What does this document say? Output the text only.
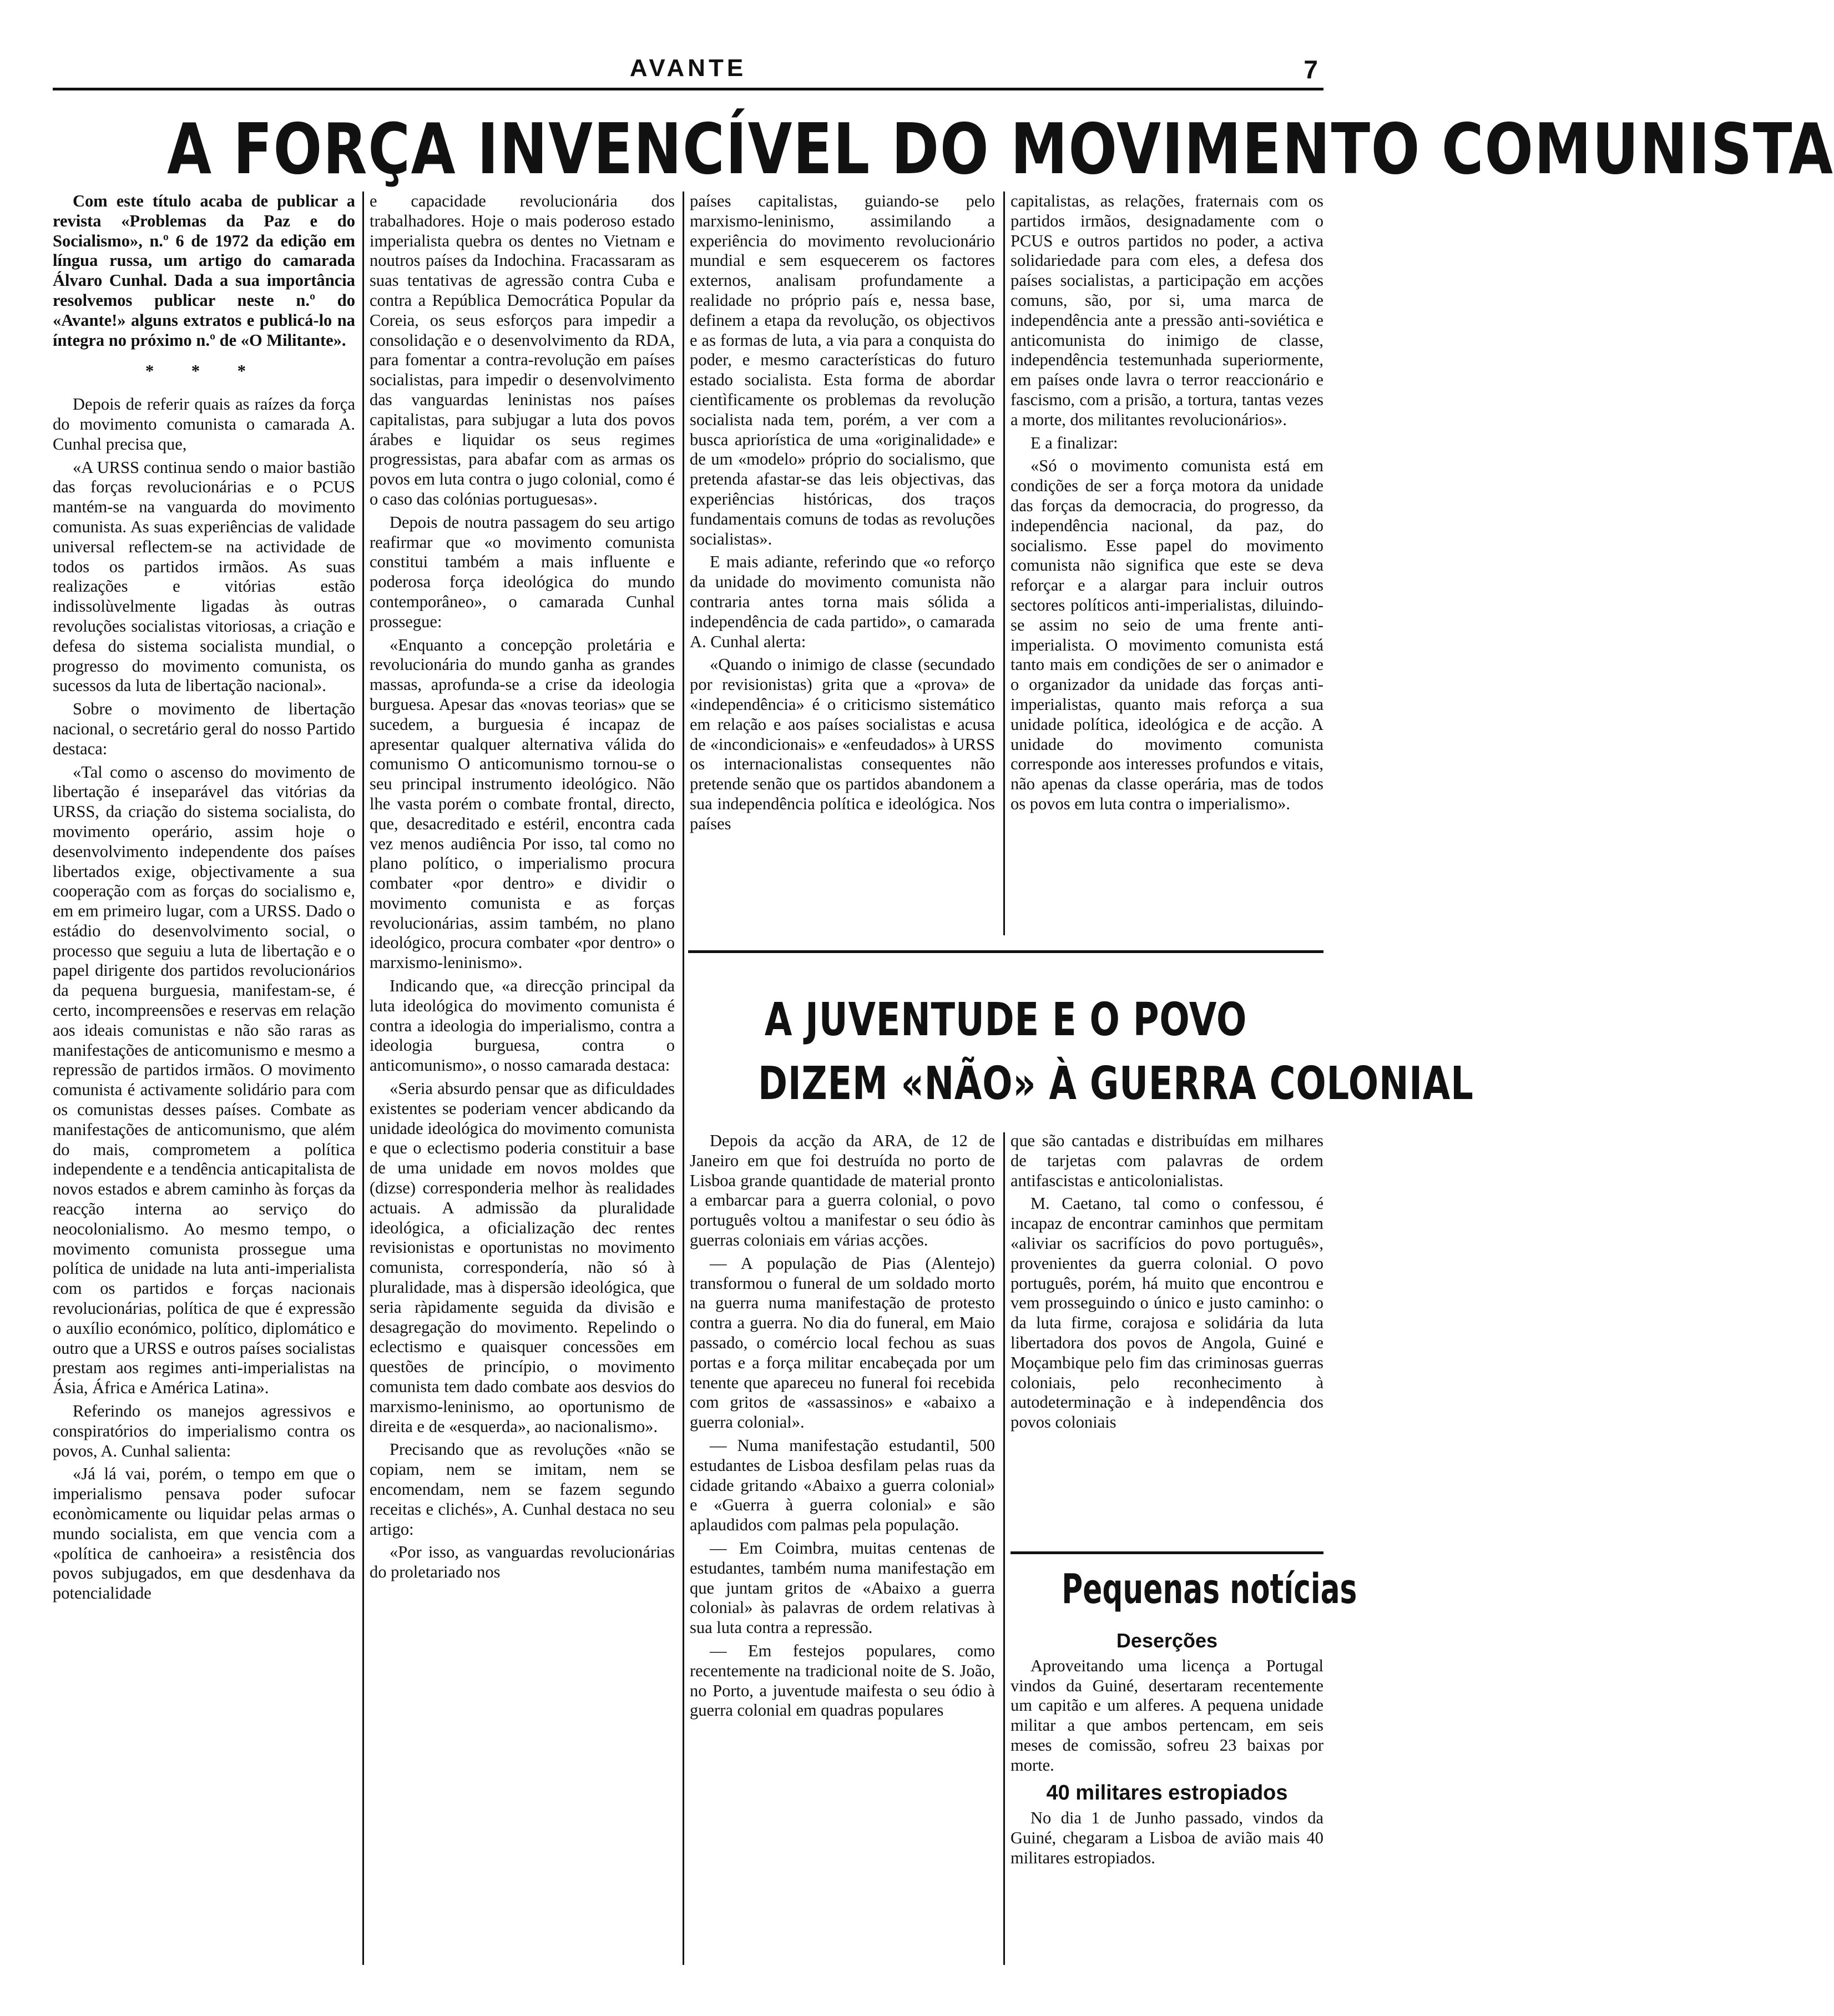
AVANTE	7
A FORÇA INVENCÍVEL DO MOVIMENTO COMUNISTA

Com este título acaba de publicar a revista «Problemas da Paz e do Socialismo», n.º 6 de 1972 da edição em língua russa, um artigo do camarada Álvaro Cunhal. Dada a sua importância resolvemos publicar neste n.º do «Avante!» alguns extratos e publicá-lo na íntegra no próximo n.º de «O Militante».

* * *

Depois de referir quais as raízes da força do movimento comunista o camarada A. Cunhal precisa que,

«A URSS continua sendo o maior bastião das forças revolucionárias e o PCUS mantém-se na vanguarda do movimento comunista. As suas experiências de validade universal reflectem-se na actividade de todos os partidos irmãos. As suas realizações e vitórias estão indissolùvelmente ligadas às outras revoluções socialistas vitoriosas, a criação e defesa do sistema socialista mundial, o progresso do movimento comunista, os sucessos da luta de libertação nacional».

Sobre o movimento de libertação nacional, o secretário geral do nosso Partido destaca:

«Tal como o ascenso do movimento de libertação é inseparável das vitórias da URSS, da criação do sistema socialista, do movimento operário, assim hoje o desenvolvimento independente dos países libertados exige, objectivamente a sua cooperação com as forças do socialismo e, em em primeiro lugar, com a URSS. Dado o estádio do desenvolvimento social, o processo que seguiu a luta de libertação e o papel dirigente dos partidos revolucionários da pequena burguesia, manifestam-se, é certo, incompreensões e reservas em relação aos ideais comunistas e não são raras as manifestações de anticomunismo e mesmo a repressão de partidos irmãos. O movimento comunista é activamente solidário para com os comunistas desses países. Combate as manifestações de anticomunismo, que além do mais, comprometem a política independente e a tendência anticapitalista de novos estados e abrem caminho às forças da reacção interna ao serviço do neocolonialismo. Ao mesmo tempo, o movimento comunista prossegue uma política de unidade na luta anti-imperialista com os partidos e forças nacionais revolucionárias, política de que é expressão o auxílio económico, político, diplomático e outro que a URSS e outros países socialistas prestam aos regimes anti-imperialistas na Ásia, África e América Latina».

Referindo os manejos agressivos e conspiratórios do imperialismo contra os povos, A. Cunhal salienta:

«Já lá vai, porém, o tempo em que o imperialismo pensava poder sufocar econòmicamente ou liquidar pelas armas o mundo socialista, em que vencia com a «política de canhoeira» a resistência dos povos subjugados, em que desdenhava da potencialidade

e capacidade revolucionária dos trabalhadores. Hoje o mais poderoso estado imperialista quebra os dentes no Vietnam e noutros países da Indochina. Fracassaram as suas tentativas de agressão contra Cuba e contra a República Democrática Popular da Coreia, os seus esforços para impedir a consolidação e o desenvolvimento da RDA, para fomentar a contra-revolução em países socialistas, para impedir o desenvolvimento das vanguardas leninistas nos países capitalistas, para subjugar a luta dos povos árabes e liquidar os seus regimes progressistas, para abafar com as armas os povos em luta contra o jugo colonial, como é o caso das colónias portuguesas».

Depois de noutra passagem do seu artigo reafirmar que «o movimento comunista constitui também a mais influente e poderosa força ideológica do mundo contemporâneo», o camarada Cunhal prossegue:

«Enquanto a concepção proletária e revolucionária do mundo ganha as grandes massas, aprofunda-se a crise da ideologia burguesa. Apesar das «novas teorias» que se sucedem, a burguesia é incapaz de apresentar qualquer alternativa válida do comunismo O anticomunismo tornou-se o seu principal instrumento ideológico. Não lhe vasta porém o combate frontal, directo, que, desacreditado e estéril, encontra cada vez menos audiência Por isso, tal como no plano político, o imperialismo procura combater «por dentro» e dividir o movimento comunista e as forças revolucionárias, assim também, no plano ideológico, procura combater «por dentro» o marxismo-leninismo».

Indicando que, «a direcção principal da luta ideológica do movimento comunista é contra a ideologia do imperialismo, contra a ideologia burguesa, contra o anticomunismo», o nosso camarada destaca:

«Seria absurdo pensar que as dificuldades existentes se poderiam vencer abdicando da unidade ideológica do movimento comunista e que o eclectismo poderia constituir a base de uma unidade em novos moldes que (dizse) corresponderia melhor às realidades actuais. A admissão da pluralidade ideológica, a oficialização dec rentes revisionistas e oportunistas no movimento comunista, correspondería, não só à pluralidade, mas à dispersão ideológica, que seria ràpidamente seguida da divisão e desagregação do movimento. Repelindo o eclectismo e quaisquer concessões em questões de princípio, o movimento comunista tem dado combate aos desvios do marxismo-leninismo, ao oportunismo de direita e de «esquerda», ao nacionalismo».

Precisando que as revoluções «não se copiam, nem se imitam, nem se encomendam, nem se fazem segundo receitas e clichés», A. Cunhal destaca no seu artigo:

«Por isso, as vanguardas revolucionárias do proletariado nos

países capitalistas, guiando-se pelo marxismo-leninismo, assimilando a experiência do movimento revolucionário mundial e sem esquecerem os factores externos, analisam profundamente a realidade no próprio país e, nessa base, definem a etapa da revolução, os objectivos e as formas de luta, a via para a conquista do poder, e mesmo características do futuro estado socialista. Esta forma de abordar cientìficamente os problemas da revolução socialista nada tem, porém, a ver com a busca apriorística de uma «originalidade» e de um «modelo» próprio do socialismo, que pretenda afastar-se das leis objectivas, das experiências históricas, dos traços fundamentais comuns de todas as revoluções socialistas».

E mais adiante, referindo que «o reforço da unidade do movimento comunista não contraria antes torna mais sólida a independência de cada partido», o camarada A. Cunhal alerta:

«Quando o inimigo de classe (secundado por revisionistas) grita que a «prova» de «independência» é o criticismo sistemático em relação e aos países socialistas e acusa de «incondicionais» e «enfeudados» à URSS os internacionalistas consequentes não pretende senão que os partidos abandonem a sua independência política e ideológica. Nos países

capitalistas, as relações, fraternais com os partidos irmãos, designadamente com o PCUS e outros partidos no poder, a activa solidariedade para com eles, a defesa dos países socialistas, a participação em acções comuns, são, por si, uma marca de independência ante a pressão anti-soviética e anticomunista do inimigo de classe, independência testemunhada superiormente, em países onde lavra o terror reaccionário e fascismo, com a prisão, a tortura, tantas vezes a morte, dos militantes revolucionários».

E a finalizar:

«Só o movimento comunista está em condições de ser a força motora da unidade das forças da democracia, do progresso, da independência nacional, da paz, do socialismo. Esse papel do movimento comunista não significa que este se deva reforçar e a alargar para incluir outros sectores políticos anti-imperialistas, diluindo-se assim no seio de uma frente anti-imperialista. O movimento comunista está tanto mais em condições de ser o animador e o organizador da unidade das forças anti-imperialistas, quanto mais reforça a sua unidade política, ideológica e de acção. A unidade do movimento comunista corresponde aos interesses profundos e vitais, não apenas da classe operária, mas de todos os povos em luta contra o imperialismo».

A JUVENTUDE E O POVO
DIZEM «NÃO» À GUERRA COLONIAL

Depois da acção da ARA, de 12 de Janeiro em que foi destruída no porto de Lisboa grande quantidade de material pronto a embarcar para a guerra colonial, o povo português voltou a manifestar o seu ódio às guerras coloniais em várias acções.

— A população de Pias (Alentejo) transformou o funeral de um soldado morto na guerra numa manifestação de protesto contra a guerra. No dia do funeral, em Maio passado, o comércio local fechou as suas portas e a força militar encabeçada por um tenente que apareceu no funeral foi recebida com gritos de «assassinos» e «abaixo a guerra colonial».

— Numa manifestação estudantil, 500 estudantes de Lisboa desfilam pelas ruas da cidade gritando «Abaixo a guerra colonial» e «Guerra à guerra colonial» e são aplaudidos com palmas pela população.

— Em Coimbra, muitas centenas de estudantes, também numa manifestação em que juntam gritos de «Abaixo a guerra colonial» às palavras de ordem relativas à sua luta contra a repressão.

— Em festejos populares, como recentemente na tradicional noite de S. João, no Porto, a juventude maifesta o seu ódio à guerra colonial em quadras populares

que são cantadas e distribuídas em milhares de tarjetas com palavras de ordem antifascistas e anticolonialistas.

M. Caetano, tal como o confessou, é incapaz de encontrar caminhos que permitam «aliviar os sacrifícios do povo português», provenientes da guerra colonial. O povo português, porém, há muito que encontrou e vem prosseguindo o único e justo caminho: o da luta firme, corajosa e solidária da luta libertadora dos povos de Angola, Guiné e Moçambique pelo fim das criminosas guerras coloniais, pelo reconhecimento à autodeterminação e à independência dos povos coloniais

Pequenas notícias
Deserções

Aproveitando uma licença a Portugal vindos da Guiné, desertaram recentemente um capitão e um alferes. A pequena unidade militar a que ambos pertencam, em seis meses de comissão, sofreu 23 baixas por morte.

40 militares estropiados

No dia 1 de Junho passado, vindos da Guiné, chegaram a Lisboa de avião mais 40 militares estropiados.
